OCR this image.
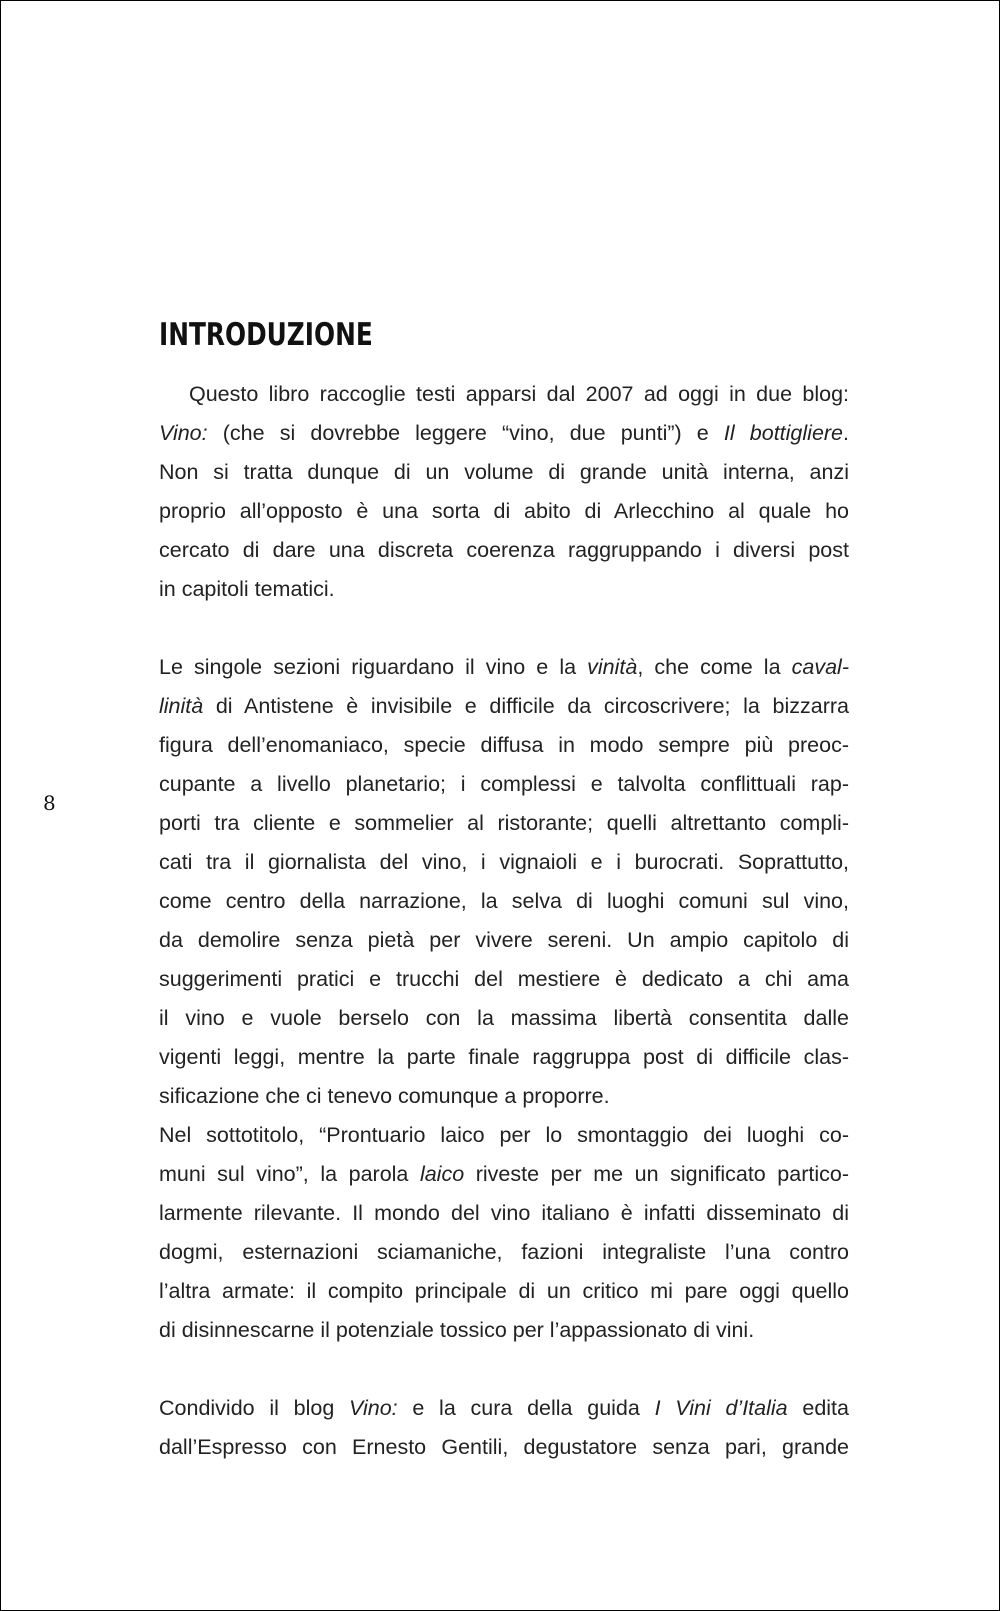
8
INTRODUZIONE
Questo libro raccoglie testi apparsi dal 2007 ad oggi in due blog:
Vino: (che si dovrebbe leggere “vino, due punti”) e Il bottigliere.
Non si tratta dunque di un volume di grande unità interna, anzi
proprio all’opposto è una sorta di abito di Arlecchino al quale ho
cercato di dare una discreta coerenza raggruppando i diversi post
in capitoli tematici.
Le singole sezioni riguardano il vino e la vinità, che come la caval-
linità di Antistene è invisibile e difficile da circoscrivere; la bizzarra
figura dell’enomaniaco, specie diffusa in modo sempre più preoc-
cupante a livello planetario; i complessi e talvolta conflittuali rap-
porti tra cliente e sommelier al ristorante; quelli altrettanto compli-
cati tra il giornalista del vino, i vignaioli e i burocrati. Soprattutto,
come centro della narrazione, la selva di luoghi comuni sul vino,
da demolire senza pietà per vivere sereni. Un ampio capitolo di
suggerimenti pratici e trucchi del mestiere è dedicato a chi ama
il vino e vuole berselo con la massima libertà consentita dalle
vigenti leggi, mentre la parte finale raggruppa post di difficile clas-
sificazione che ci tenevo comunque a proporre.
Nel sottotitolo, “Prontuario laico per lo smontaggio dei luoghi co-
muni sul vino”, la parola laico riveste per me un significato partico-
larmente rilevante. Il mondo del vino italiano è infatti disseminato di
dogmi, esternazioni sciamaniche, fazioni integraliste l’una contro
l’altra armate: il compito principale di un critico mi pare oggi quello
di disinnescarne il potenziale tossico per l’appassionato di vini.
Condivido il blog Vino: e la cura della guida I Vini d’Italia edita
dall’Espresso con Ernesto Gentili, degustatore senza pari, grande
